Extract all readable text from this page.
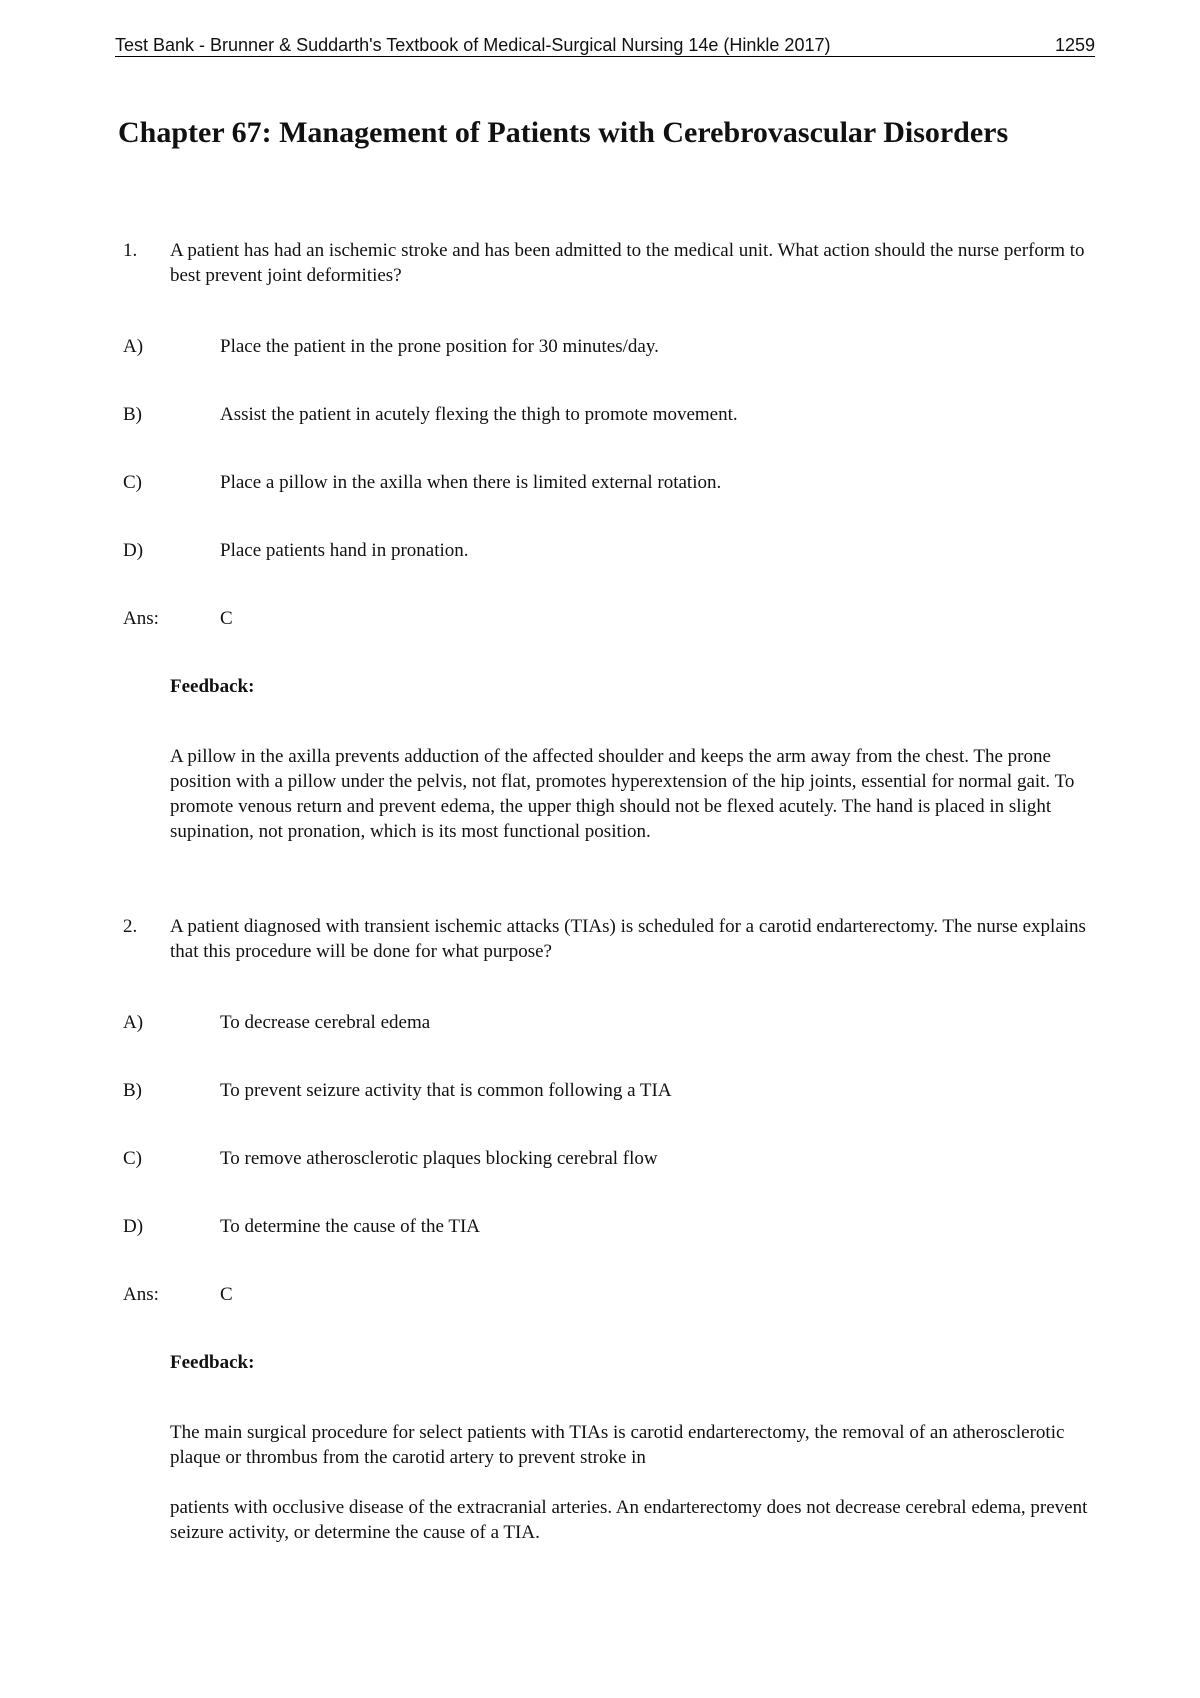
Test Bank - Brunner & Suddarth's Textbook of Medical-Surgical Nursing 14e (Hinkle 2017)	1259
Chapter 67: Management of Patients with Cerebrovascular Disorders
1. A patient has had an ischemic stroke and has been admitted to the medical unit. What action should the nurse perform to best prevent joint deformities?
A)	Place the patient in the prone position for 30 minutes/day.
B)	Assist the patient in acutely flexing the thigh to promote movement.
C)	Place a pillow in the axilla when there is limited external rotation.
D)	Place patients hand in pronation.
Ans:	C
Feedback:
A pillow in the axilla prevents adduction of the affected shoulder and keeps the arm away from the chest. The prone position with a pillow under the pelvis, not flat, promotes hyperextension of the hip joints, essential for normal gait. To promote venous return and prevent edema, the upper thigh should not be flexed acutely. The hand is placed in slight supination, not pronation, which is its most functional position.
2. A patient diagnosed with transient ischemic attacks (TIAs) is scheduled for a carotid endarterectomy. The nurse explains that this procedure will be done for what purpose?
A)	To decrease cerebral edema
B)	To prevent seizure activity that is common following a TIA
C)	To remove atherosclerotic plaques blocking cerebral flow
D)	To determine the cause of the TIA
Ans:	C
Feedback:
The main surgical procedure for select patients with TIAs is carotid endarterectomy, the removal of an atherosclerotic plaque or thrombus from the carotid artery to prevent stroke in
patients with occlusive disease of the extracranial arteries. An endarterectomy does not decrease cerebral edema, prevent seizure activity, or determine the cause of a TIA.
